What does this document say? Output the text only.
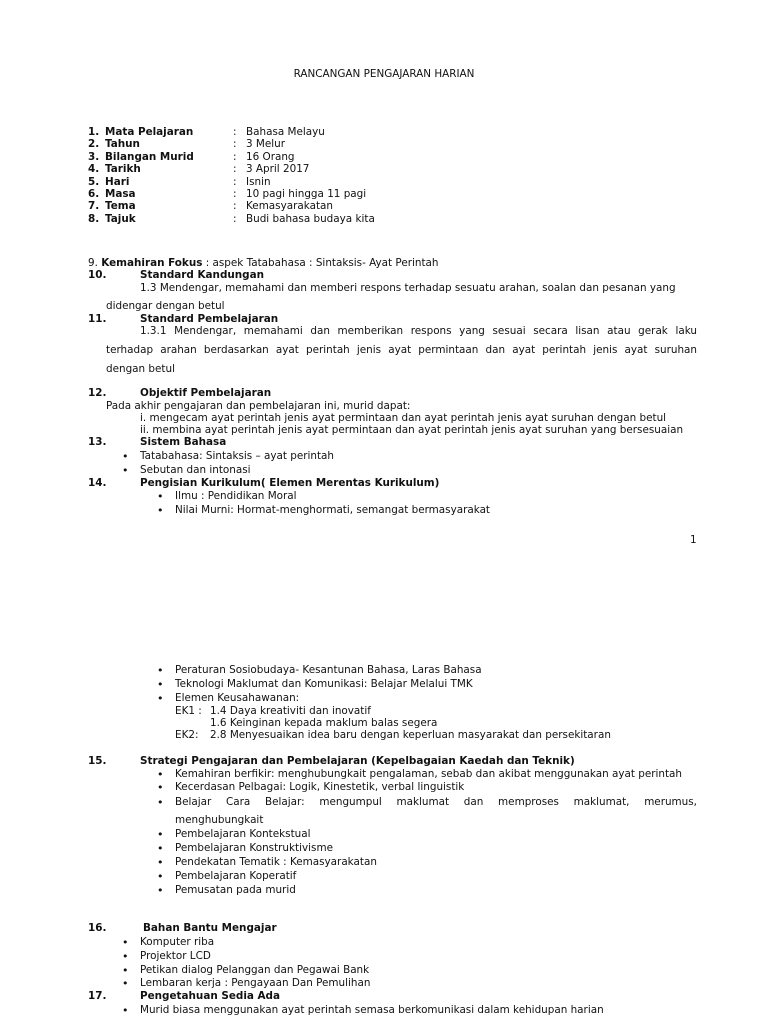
RANCANGAN PENGAJARAN HARIAN
1. Mata Pelajaran	: Bahasa Melayu
2. Tahun	: 3 Melur
3. Bilangan Murid	: 16 Orang
4. Tarikh	: 3 April 2017
5. Hari	: Isnin
6. Masa	: 10 pagi hingga 11 pagi
7. Tema	: Kemasyarakatan
8. Tajuk	: Budi bahasa budaya kita
9. Kemahiran Fokus : aspek Tatabahasa : Sintaksis- Ayat Perintah
10.	Standard Kandungan
1.3 Mendengar, memahami dan memberi respons terhadap sesuatu arahan, soalan dan pesanan yang
didengar dengan betul
11.	Standard Pembelajaran
1.3.1 Mendengar, memahami dan memberikan respons yang sesuai secara lisan atau gerak laku
terhadap arahan berdasarkan ayat perintah jenis ayat permintaan dan ayat perintah jenis ayat suruhan
dengan betul
12.	Objektif Pembelajaran
Pada akhir pengajaran dan pembelajaran ini, murid dapat:
i. mengecam ayat perintah jenis ayat permintaan dan ayat perintah jenis ayat suruhan dengan betul
ii. membina ayat perintah jenis ayat permintaan dan ayat perintah jenis ayat suruhan yang bersesuaian
13.	Sistem Bahasa
• Tatabahasa: Sintaksis – ayat perintah
• Sebutan dan intonasi
14.	Pengisian Kurikulum( Elemen Merentas Kurikulum)
• Ilmu : Pendidikan Moral
• Nilai Murni: Hormat-menghormati, semangat bermasyarakat
1
• Peraturan Sosiobudaya- Kesantunan Bahasa, Laras Bahasa
• Teknologi Maklumat dan Komunikasi: Belajar Melalui TMK
• Elemen Keusahawanan:
EK1 : 1.4 Daya kreativiti dan inovatif
1.6 Keinginan kepada maklum balas segera
EK2: 2.8 Menyesuaikan idea baru dengan keperluan masyarakat dan persekitaran
15.	Strategi Pengajaran dan Pembelajaran (Kepelbagaian Kaedah dan Teknik)
• Kemahiran berfikir: menghubungkait pengalaman, sebab dan akibat menggunakan ayat perintah
• Kecerdasan Pelbagai: Logik, Kinestetik, verbal linguistik
• Belajar Cara Belajar: mengumpul maklumat dan memproses maklumat, merumus,
menghubungkait
• Pembelajaran Kontekstual
• Pembelajaran Konstruktivisme
• Pendekatan Tematik : Kemasyarakatan
• Pembelajaran Koperatif
• Pemusatan pada murid
16.	Bahan Bantu Mengajar
• Komputer riba
• Projektor LCD
• Petikan dialog Pelanggan dan Pegawai Bank
• Lembaran kerja : Pengayaan Dan Pemulihan
17.	Pengetahuan Sedia Ada
• Murid biasa menggunakan ayat perintah semasa berkomunikasi dalam kehidupan harian
